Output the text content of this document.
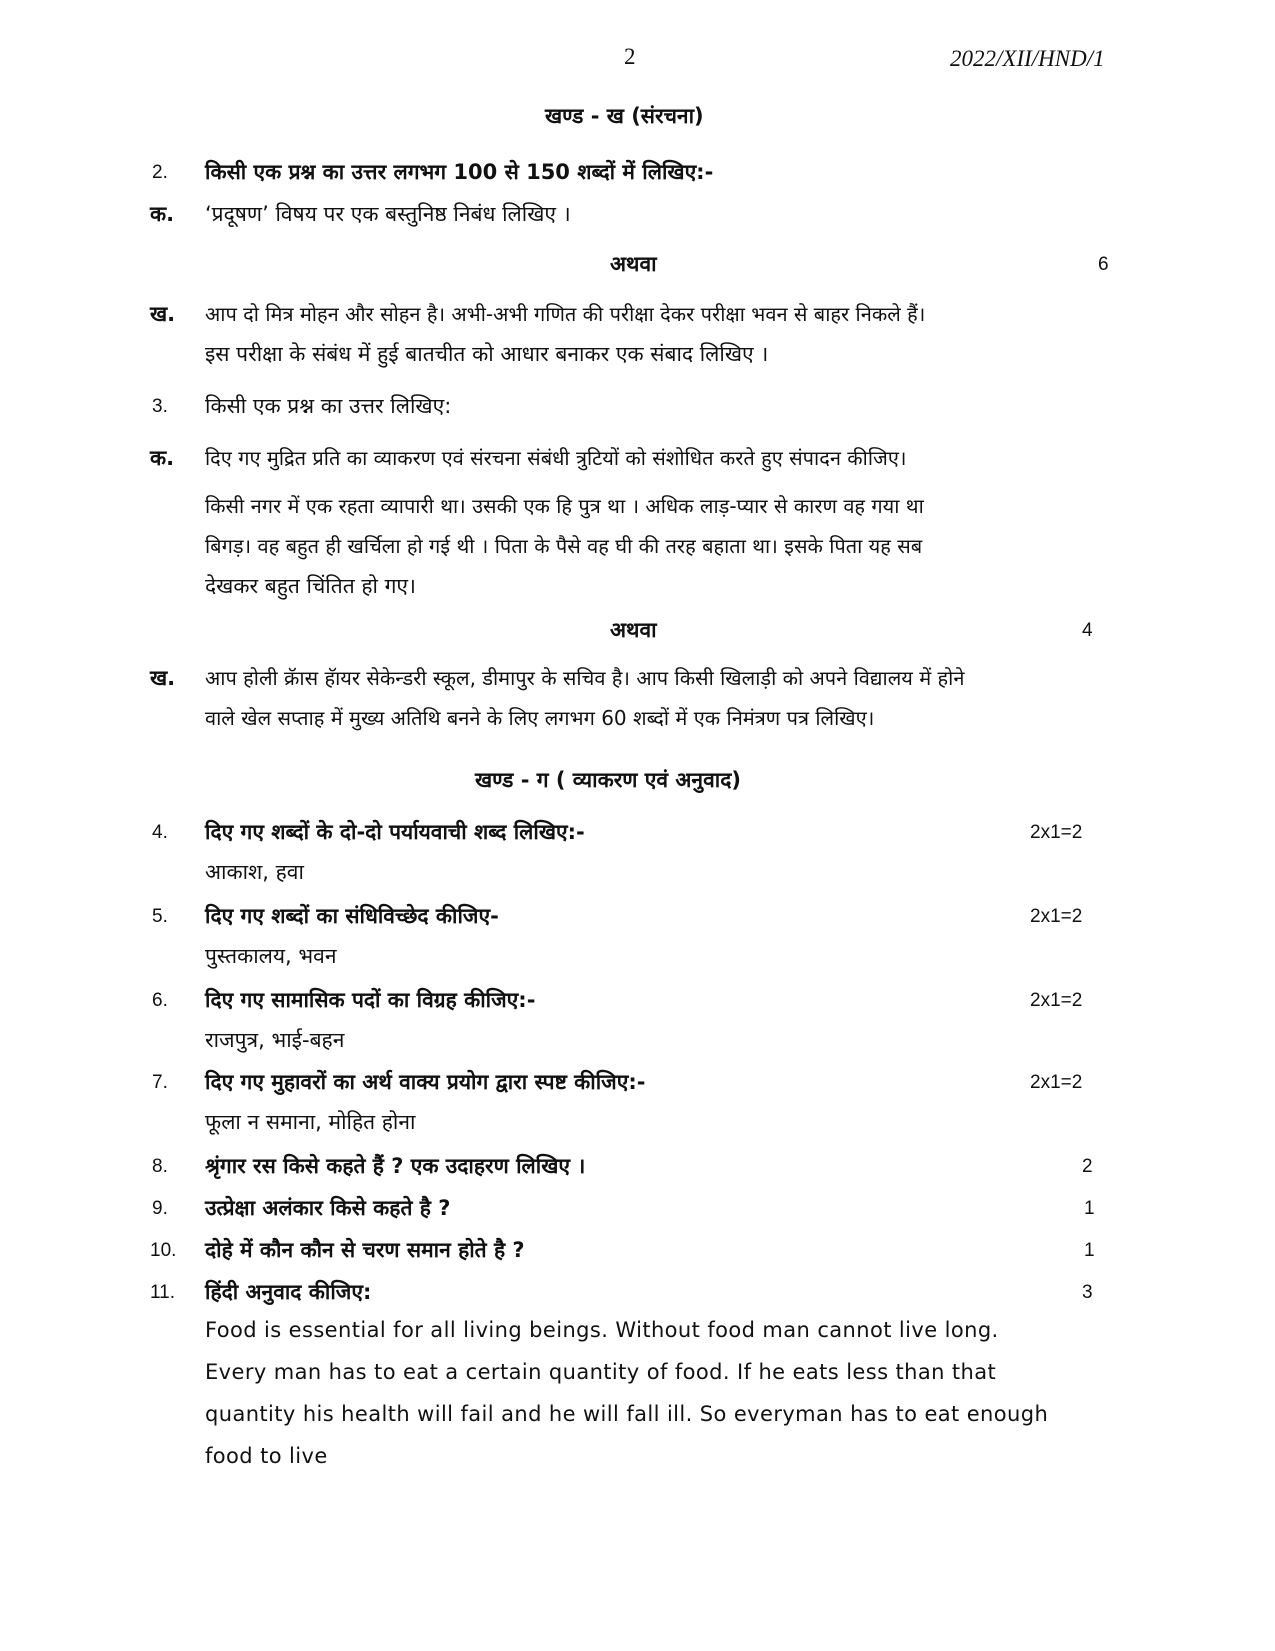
2	2022/XII/HND/1
खण्ड - ख (संरचना)
2. किसी एक प्रश्न का उत्तर लगभग 100 से 150 शब्दों में लिखिए:-
क. ‘प्रदूषण’ विषय पर एक बस्तुनिष्ठ निबंध लिखिए ।
अथवा	6
ख. आप दो मित्र मोहन और सोहन है। अभी-अभी गणित की परीक्षा देकर परीक्षा भवन से बाहर निकले हैं।
इस परीक्षा के संबंध में हुई बातचीत को आधार बनाकर एक संबाद लिखिए ।
3. किसी एक प्रश्न का उत्तर लिखिए:
क. दिए गए मुद्रित प्रति का व्याकरण एवं संरचना संबंधी त्रुटियों को संशोधित करते हुए संपादन कीजिए।
किसी नगर में एक रहता व्यापारी था। उसकी एक हि पुत्र था । अधिक लाड़-प्यार से कारण वह गया था
बिगड़। वह बहुत ही खर्चिला हो गई थी । पिता के पैसे वह घी की तरह बहाता था। इसके पिता यह सब
देखकर बहुत चिंतित हो गए।
अथवा	4
ख. आप होली क्रॅास हॅायर सेकेन्डरी स्कूल, डीमापुर के सचिव है। आप किसी खिलाड़ी को अपने विद्यालय में होने
वाले खेल सप्ताह में मुख्य अतिथि बनने के लिए लगभग 60 शब्दों में एक निमंत्रण पत्र लिखिए।
खण्ड - ग ( व्याकरण एवं अनुवाद)
4. दिए गए शब्दों के दो-दो पर्यायवाची शब्द लिखिए:-	2x1=2
आकाश, हवा
5. दिए गए शब्दों का संधिविच्छेद कीजिए-	2x1=2
पुस्तकालय, भवन
6. दिए गए सामासिक पदों का विग्रह कीजिए:-	2x1=2
राजपुत्र, भाई-बहन
7. दिए गए मुहावरों का अर्थ वाक्य प्रयोग द्वारा स्पष्ट कीजिए:-	2x1=2
फूला न समाना, मोहित होना
8. श्रृंगार रस किसे कहते हैं ? एक उदाहरण लिखिए ।	2
9. उत्प्रेक्षा अलंकार किसे कहते है ?	1
10. दोहे में कौन कौन से चरण समान होते है ?	1
11. हिंदी अनुवाद कीजिए:	3
Food is essential for all living beings. Without food man cannot live long.
Every man has to eat a certain quantity of food. If he eats less than that
quantity his health will fail and he will fall ill. So everyman has to eat enough
food to live
